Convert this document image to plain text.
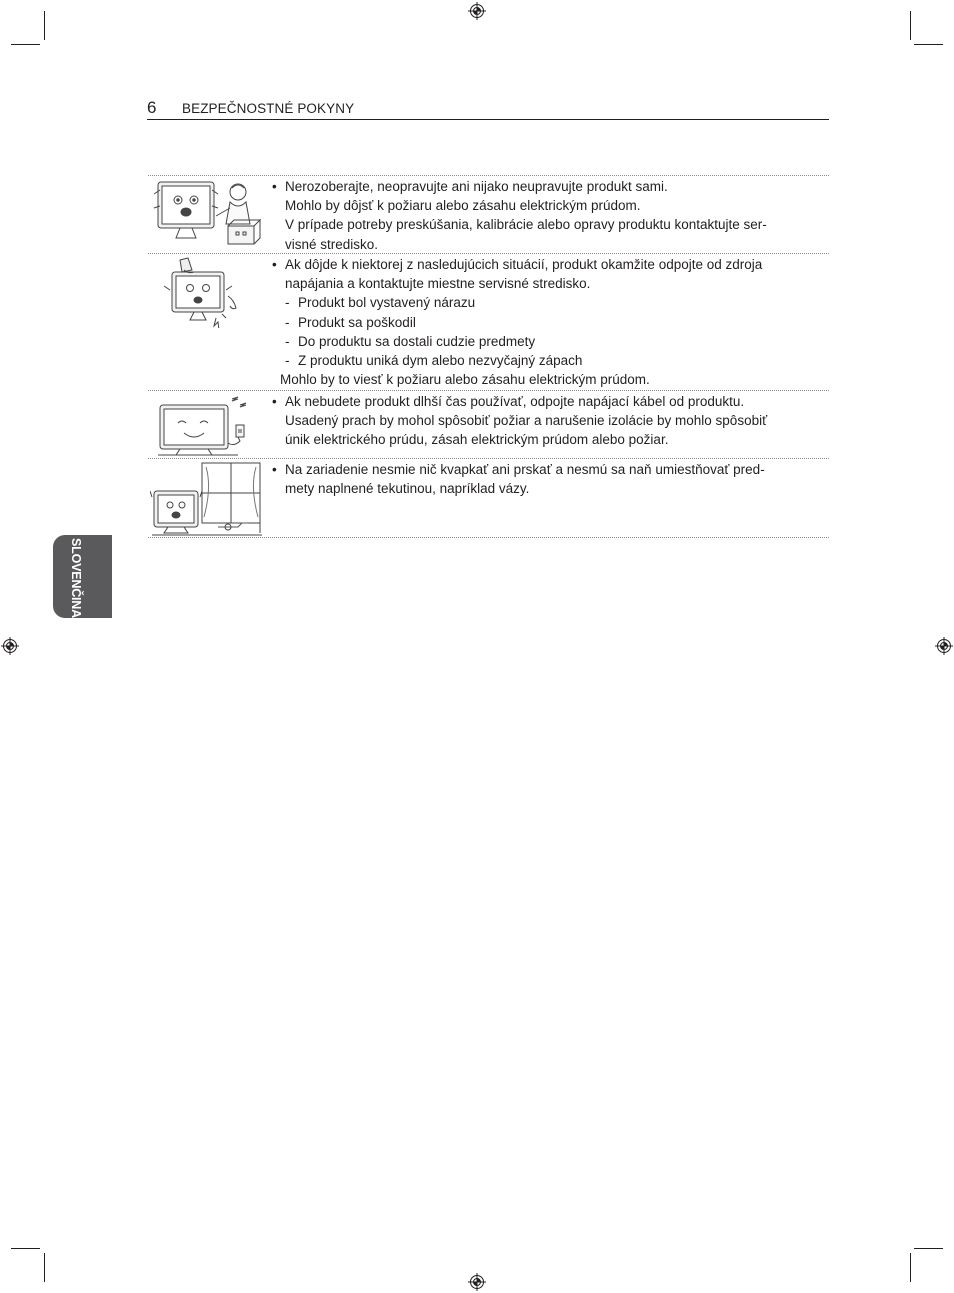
6 BEZPEČNOSTNÉ POKYNY
SLOVENČINA
• Nerozoberajte, neopravujte ani nijako neupravujte produkt sami.
Mohlo by dôjsť k požiaru alebo zásahu elektrickým prúdom.
V prípade potreby preskúšania, kalibrácie alebo opravy produktu kontaktujte ser-
visné stredisko.
• Ak dôjde k niektorej z nasledujúcich situácií, produkt okamžite odpojte od zdroja
napájania a kontaktujte miestne servisné stredisko.
- Produkt bol vystavený nárazu
- Produkt sa poškodil
- Do produktu sa dostali cudzie predmety
- Z produktu uniká dym alebo nezvyčajný zápach
Mohlo by to viesť k požiaru alebo zásahu elektrickým prúdom.
• Ak nebudete produkt dlhší čas používať, odpojte napájací kábel od produktu.
Usadený prach by mohol spôsobiť požiar a narušenie izolácie by mohlo spôsobiť
únik elektrického prúdu, zásah elektrickým prúdom alebo požiar.
• Na zariadenie nesmie nič kvapkať ani prskať a nesmú sa naň umiestňovať pred-
mety naplnené tekutinou, napríklad vázy.
